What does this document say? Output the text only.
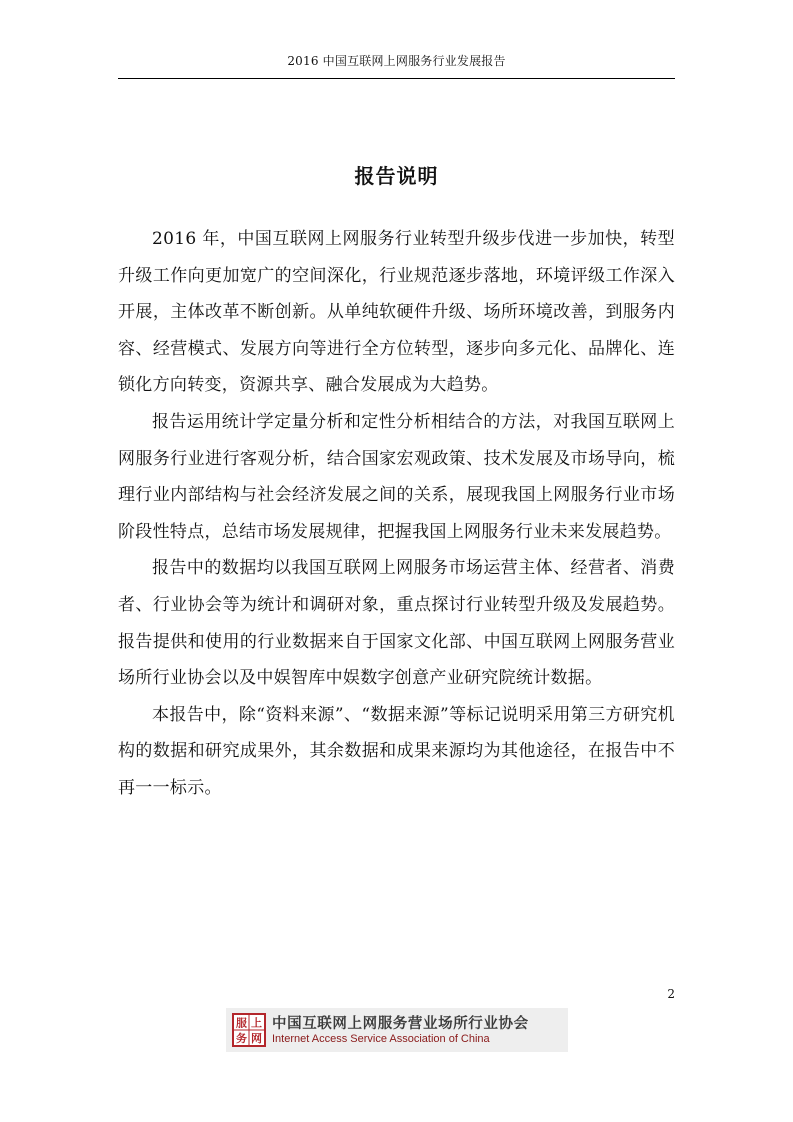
2016 中国互联网上网服务行业发展报告
报告说明

2016 年，中国互联网上网服务行业转型升级步伐进一步加快，转型升级工作向更加宽广的空间深化，行业规范逐步落地，环境评级工作深入开展，主体改革不断创新。从单纯软硬件升级、场所环境改善，到服务内容、经营模式、发展方向等进行全方位转型，逐步向多元化、品牌化、连锁化方向转变，资源共享、融合发展成为大趋势。

报告运用统计学定量分析和定性分析相结合的方法，对我国互联网上网服务行业进行客观分析，结合国家宏观政策、技术发展及市场导向，梳理行业内部结构与社会经济发展之间的关系，展现我国上网服务行业市场阶段性特点，总结市场发展规律，把握我国上网服务行业未来发展趋势。

报告中的数据均以我国互联网上网服务市场运营主体、经营者、消费者、行业协会等为统计和调研对象，重点探讨行业转型升级及发展趋势。报告提供和使用的行业数据来自于国家文化部、中国互联网上网服务营业场所行业协会以及中娱智库中娱数字创意产业研究院统计数据。

本报告中，除“资料来源”、“数据来源”等标记说明采用第三方研究机构的数据和研究成果外，其余数据和成果来源均为其他途径，在报告中不再一一标示。

2
服 上
务 网
中国互联网上网服务营业场所行业协会
Internet Access Service Association of China
